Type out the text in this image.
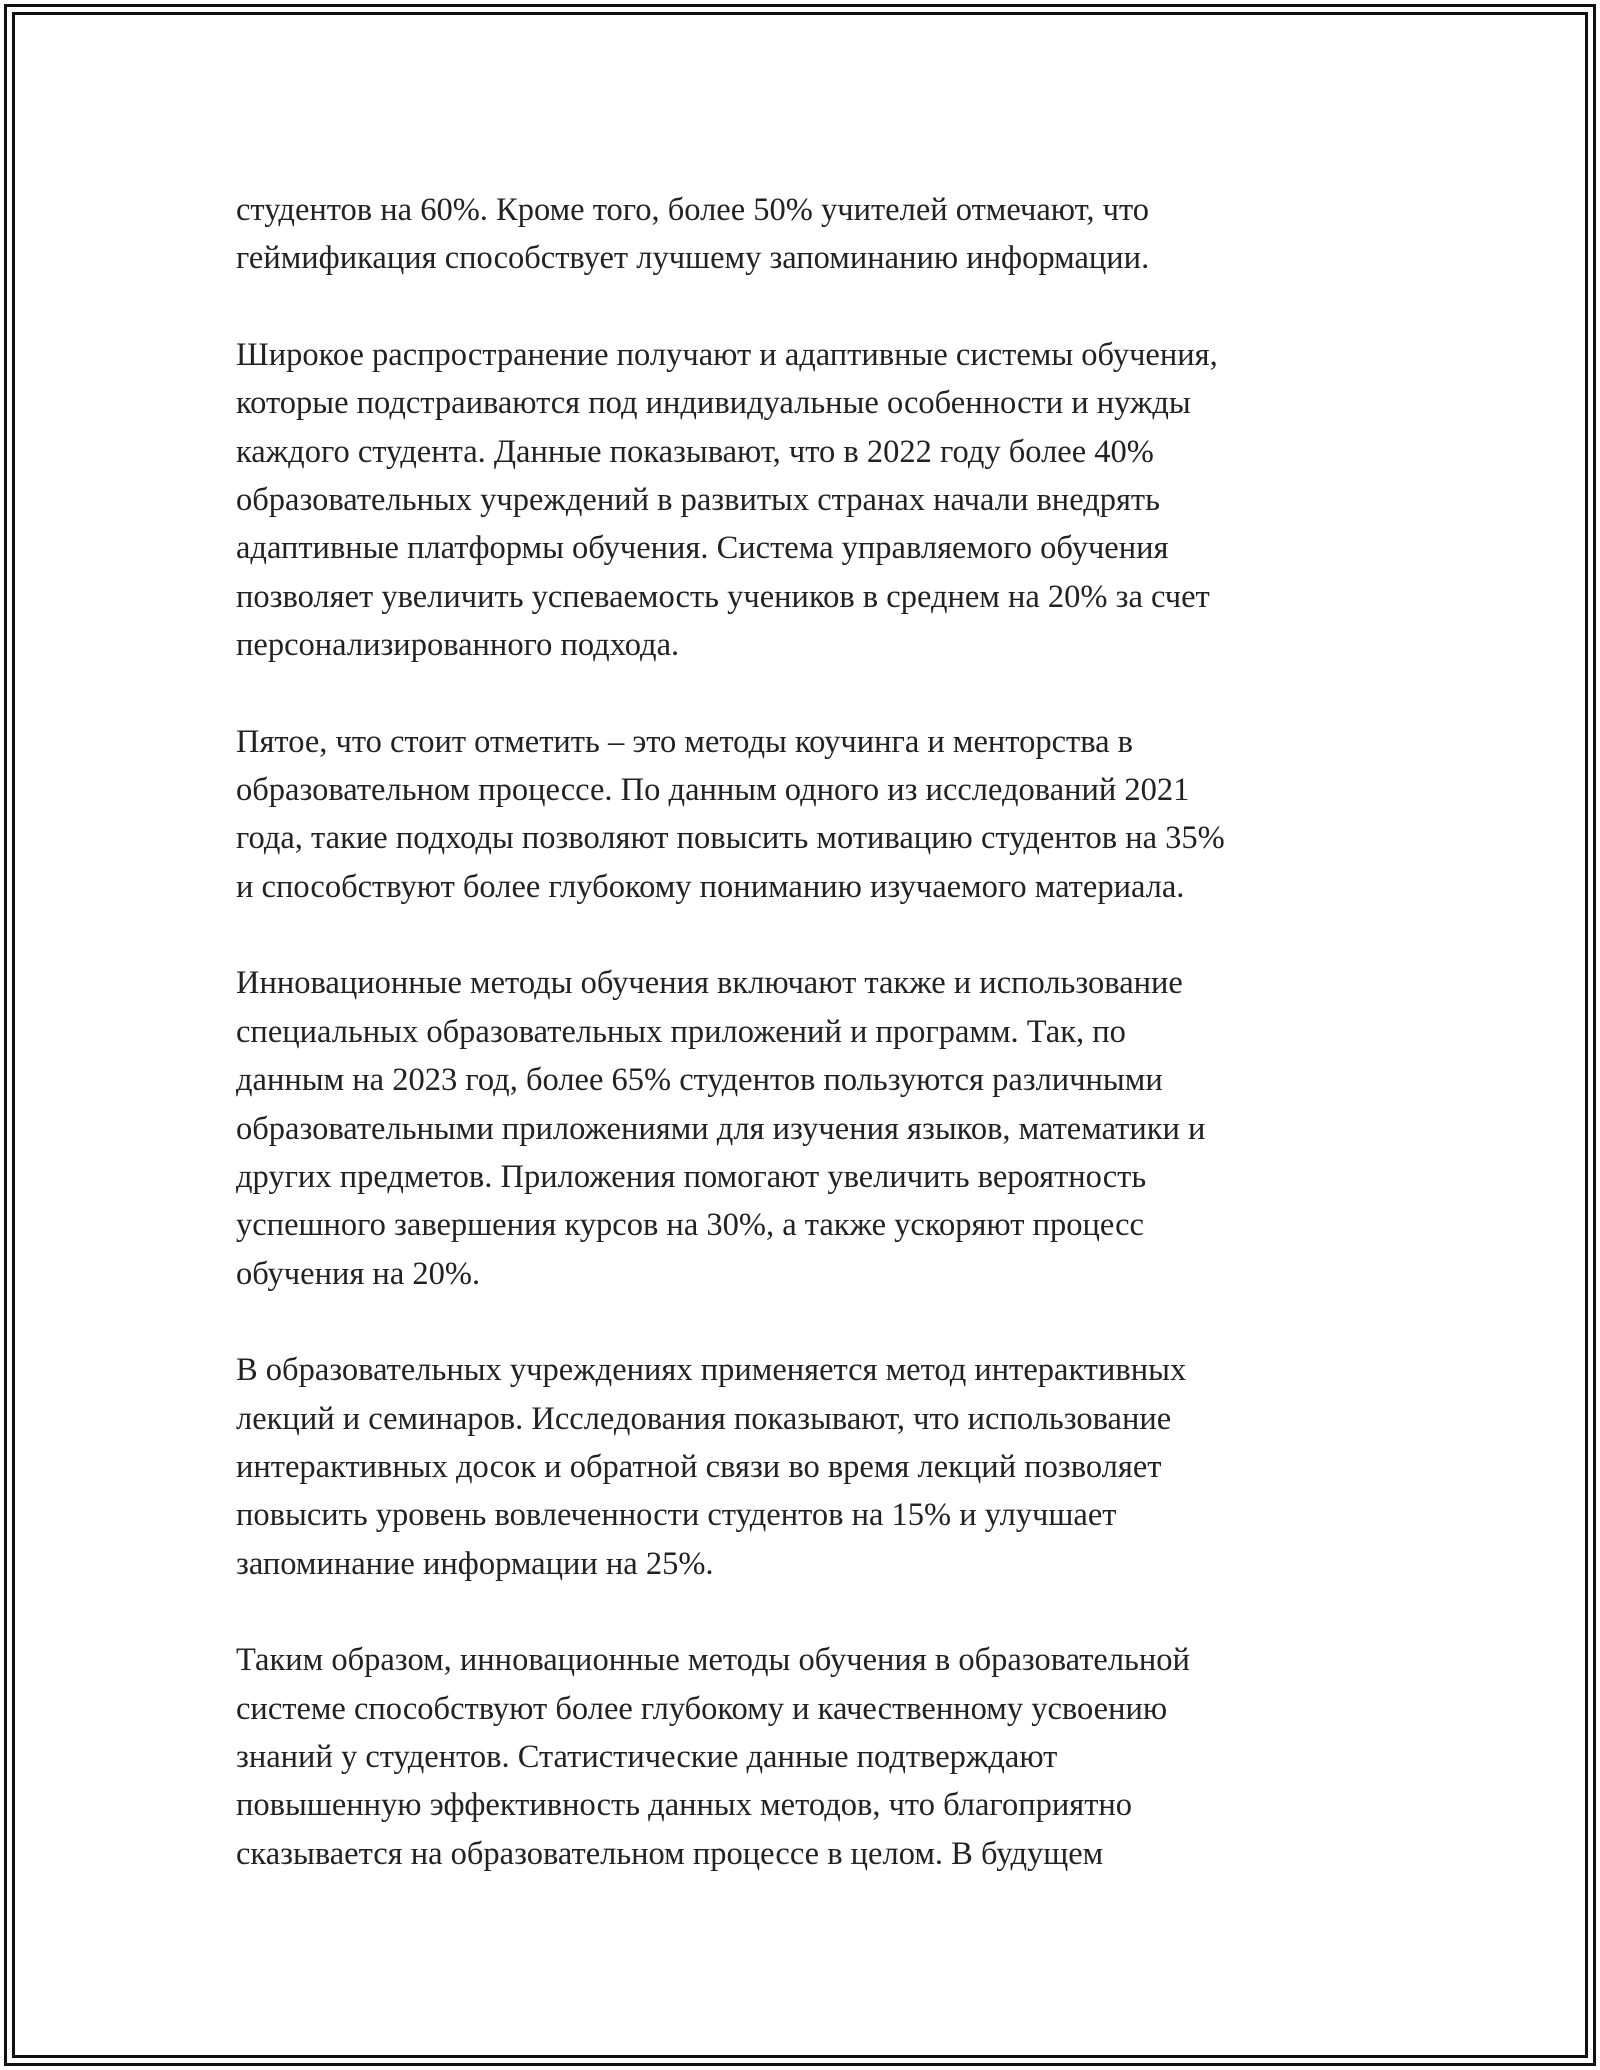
студентов на 60%. Кроме того, более 50% учителей отмечают, что
геймификация способствует лучшему запоминанию информации.

Широкое распространение получают и адаптивные системы обучения,
которые подстраиваются под индивидуальные особенности и нужды
каждого студента. Данные показывают, что в 2022 году более 40%
образовательных учреждений в развитых странах начали внедрять
адаптивные платформы обучения. Система управляемого обучения
позволяет увеличить успеваемость учеников в среднем на 20% за счет
персонализированного подхода.

Пятое, что стоит отметить – это методы коучинга и менторства в
образовательном процессе. По данным одного из исследований 2021
года, такие подходы позволяют повысить мотивацию студентов на 35%
и способствуют более глубокому пониманию изучаемого материала.

Инновационные методы обучения включают также и использование
специальных образовательных приложений и программ. Так, по
данным на 2023 год, более 65% студентов пользуются различными
образовательными приложениями для изучения языков, математики и
других предметов. Приложения помогают увеличить вероятность
успешного завершения курсов на 30%, а также ускоряют процесс
обучения на 20%.

В образовательных учреждениях применяется метод интерактивных
лекций и семинаров. Исследования показывают, что использование
интерактивных досок и обратной связи во время лекций позволяет
повысить уровень вовлеченности студентов на 15% и улучшает
запоминание информации на 25%.

Таким образом, инновационные методы обучения в образовательной
системе способствуют более глубокому и качественному усвоению
знаний у студентов. Статистические данные подтверждают
повышенную эффективность данных методов, что благоприятно
сказывается на образовательном процессе в целом. В будущем
